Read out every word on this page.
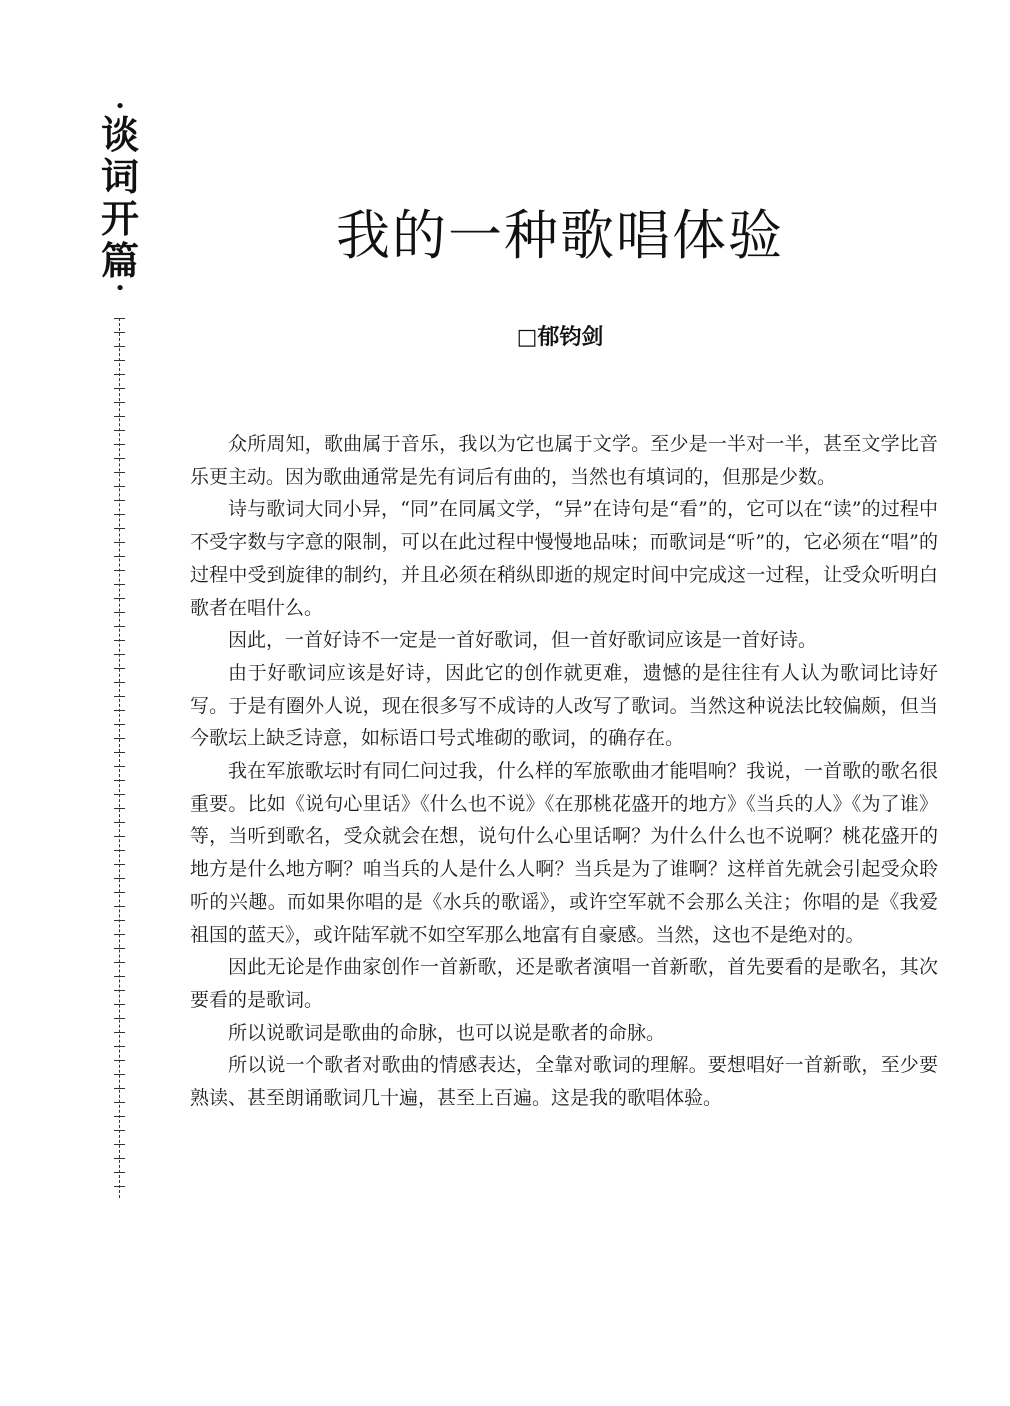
•
谈
词
开
篇
•
我的一种歌唱体验
□郁钧剑

众所周知，歌曲属于音乐，我以为它也属于文学。至少是一半对一半，甚至文学比音乐更主动。因为歌曲通常是先有词后有曲的，当然也有填词的，但那是少数。

诗与歌词大同小异，“同”在同属文学，“异”在诗句是“看”的，它可以在“读”的过程中不受字数与字意的限制，可以在此过程中慢慢地品味；而歌词是“听”的，它必须在“唱”的过程中受到旋律的制约，并且必须在稍纵即逝的规定时间中完成这一过程，让受众听明白歌者在唱什么。

因此，一首好诗不一定是一首好歌词，但一首好歌词应该是一首好诗。

由于好歌词应该是好诗，因此它的创作就更难，遗憾的是往往有人认为歌词比诗好写。于是有圈外人说，现在很多写不成诗的人改写了歌词。当然这种说法比较偏颇，但当今歌坛上缺乏诗意，如标语口号式堆砌的歌词，的确存在。

我在军旅歌坛时有同仁问过我，什么样的军旅歌曲才能唱响？我说，一首歌的歌名很重要。比如《说句心里话》《什么也不说》《在那桃花盛开的地方》《当兵的人》《为了谁》等，当听到歌名，受众就会在想，说句什么心里话啊？为什么什么也不说啊？桃花盛开的地方是什么地方啊？咱当兵的人是什么人啊？当兵是为了谁啊？这样首先就会引起受众聆听的兴趣。而如果你唱的是《水兵的歌谣》，或许空军就不会那么关注；你唱的是《我爱祖国的蓝天》，或许陆军就不如空军那么地富有自豪感。当然，这也不是绝对的。

因此无论是作曲家创作一首新歌，还是歌者演唱一首新歌，首先要看的是歌名，其次要看的是歌词。

所以说歌词是歌曲的命脉，也可以说是歌者的命脉。

所以说一个歌者对歌曲的情感表达，全靠对歌词的理解。要想唱好一首新歌，至少要熟读、甚至朗诵歌词几十遍，甚至上百遍。这是我的歌唱体验。
